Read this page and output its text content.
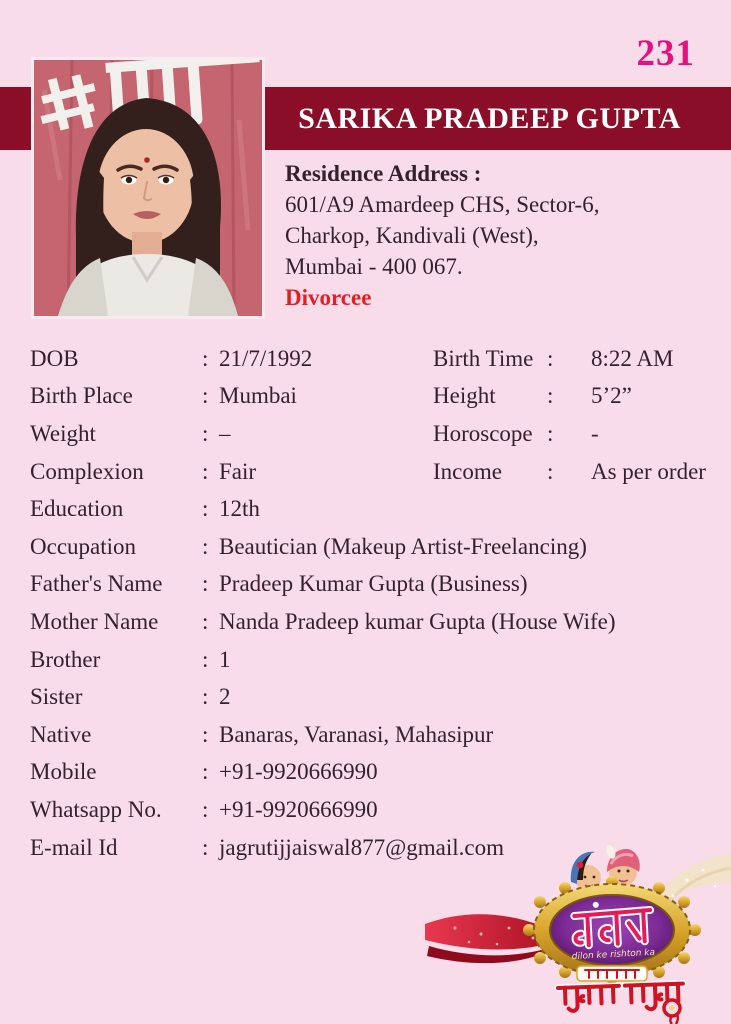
231
SARIKA PRADEEP GUPTA
Residence Address :
601/A9 Amardeep CHS, Sector-6,
Charkop, Kandivali (West),
Mumbai - 400 067.
Divorcee
DOB	: 21/7/1992	Birth Time :	8:22 AM
Birth Place	: Mumbai	Height	:	5’2”
Weight	: –	Horoscope :	-
Complexion	: Fair	Income	:	As per order
Education	: 12th
Occupation	: Beautician (Makeup Artist-Freelancing)
Father's Name	: Pradeep Kumar Gupta (Business)
Mother Name	: Nanda Pradeep kumar Gupta (House Wife)
Brother	: 1
Sister	: 2
Native	: Banaras, Varanasi, Mahasipur
Mobile	: +91-9920666990
Whatsapp No.	: +91-9920666990
E-mail Id	: jagrutijjaiswal877@gmail.com
dilon ke rishton ka
